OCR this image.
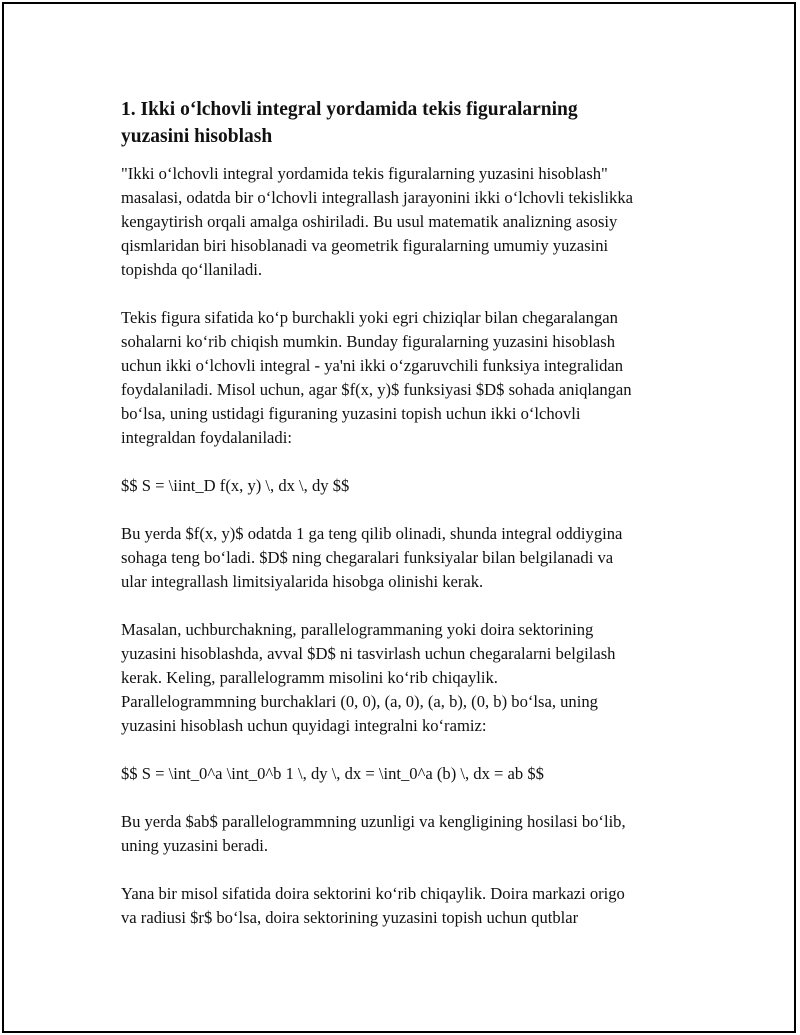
1. Ikki o‘lchovli integral yordamida tekis figuralarning
yuzasini hisoblash

"Ikki o‘lchovli integral yordamida tekis figuralarning yuzasini hisoblash"
masalasi, odatda bir o‘lchovli integrallash jarayonini ikki o‘lchovli tekislikka
kengaytirish orqali amalga oshiriladi. Bu usul matematik analizning asosiy
qismlaridan biri hisoblanadi va geometrik figuralarning umumiy yuzasini
topishda qo‘llaniladi.

Tekis figura sifatida ko‘p burchakli yoki egri chiziqlar bilan chegaralangan
sohalarni ko‘rib chiqish mumkin. Bunday figuralarning yuzasini hisoblash
uchun ikki o‘lchovli integral - ya'ni ikki o‘zgaruvchili funksiya integralidan
foydalaniladi. Misol uchun, agar $f(x, y)$ funksiyasi $D$ sohada aniqlangan
bo‘lsa, uning ustidagi figuraning yuzasini topish uchun ikki o‘lchovli
integraldan foydalaniladi:

$$ S = \iint_D f(x, y) \, dx \, dy $$

Bu yerda $f(x, y)$ odatda 1 ga teng qilib olinadi, shunda integral oddiygina
sohaga teng bo‘ladi. $D$ ning chegaralari funksiyalar bilan belgilanadi va
ular integrallash limitsiyalarida hisobga olinishi kerak.

Masalan, uchburchakning, parallelogrammaning yoki doira sektorining
yuzasini hisoblashda, avval $D$ ni tasvirlash uchun chegaralarni belgilash
kerak. Keling, parallelogramm misolini ko‘rib chiqaylik.
Parallelogrammning burchaklari (0, 0), (a, 0), (a, b), (0, b) bo‘lsa, uning
yuzasini hisoblash uchun quyidagi integralni ko‘ramiz:

$$ S = \int_0^a \int_0^b 1 \, dy \, dx = \int_0^a (b) \, dx = ab $$

Bu yerda $ab$ parallelogrammning uzunligi va kengligining hosilasi bo‘lib,
uning yuzasini beradi.

Yana bir misol sifatida doira sektorini ko‘rib chiqaylik. Doira markazi origo
va radiusi $r$ bo‘lsa, doira sektorining yuzasini topish uchun qutblar
